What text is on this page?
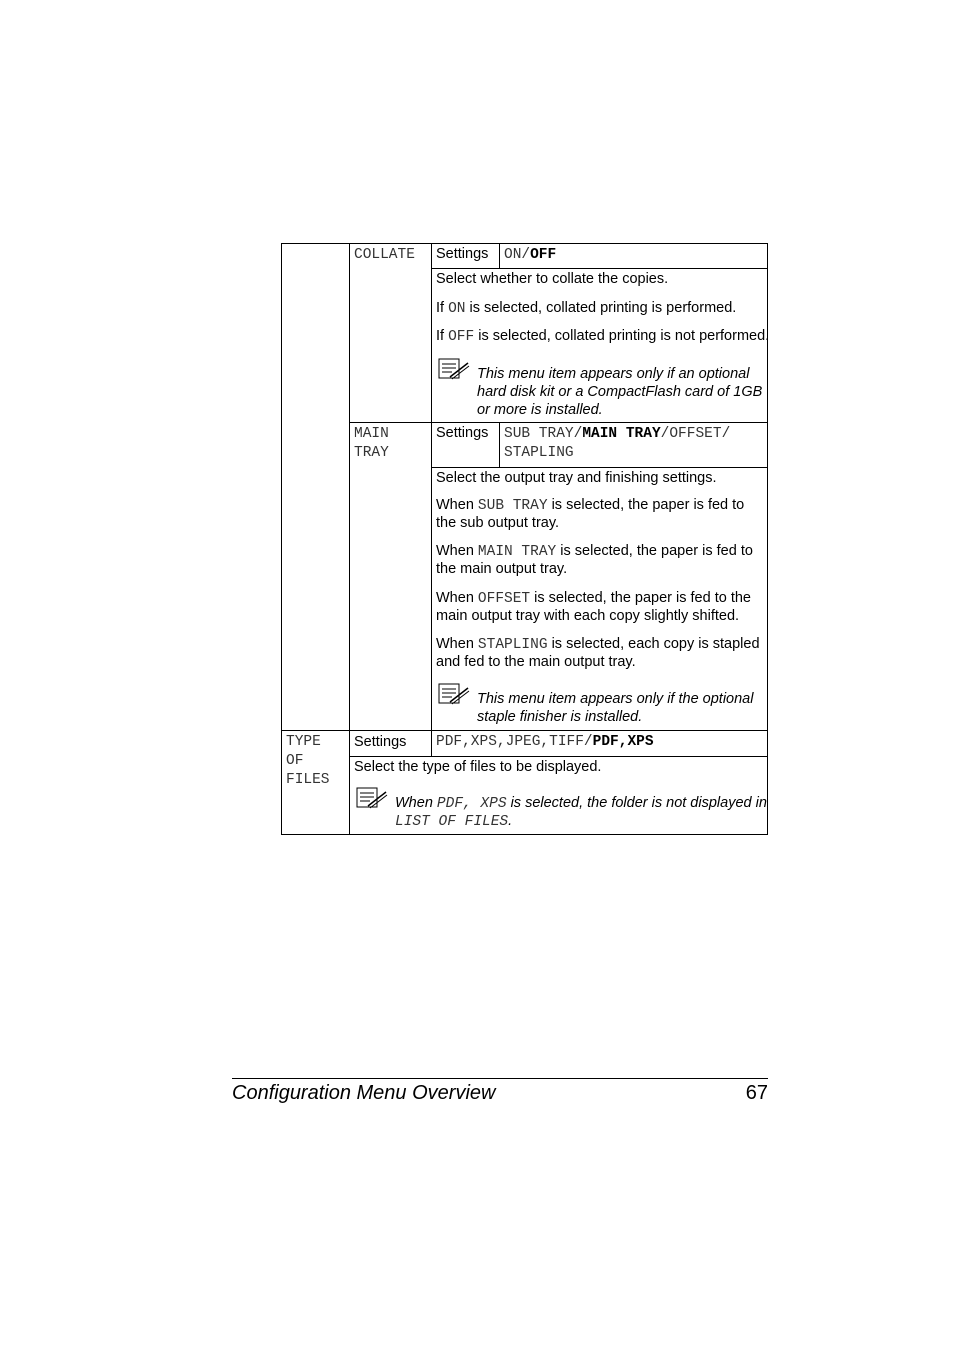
COLLATE Settings ON/OFF
Select whether to collate the copies.
If ON is selected, collated printing is performed.
If OFF is selected, collated printing is not performed.
This menu item appears only if an optional
hard disk kit or a CompactFlash card of 1GB
or more is installed.
MAIN
TRAY
Settings SUB TRAY/MAIN TRAY/OFFSET/
STAPLING
Select the output tray and finishing settings.
When SUB TRAY is selected, the paper is fed to
the sub output tray.
When MAIN TRAY is selected, the paper is fed to
the main output tray.
When OFFSET is selected, the paper is fed to the
main output tray with each copy slightly shifted.
When STAPLING is selected, each copy is stapled
and fed to the main output tray.
This menu item appears only if the optional
staple finisher is installed.
TYPE
OF
FILES
Settings PDF,XPS,JPEG,TIFF/PDF,XPS
Select the type of files to be displayed.
When PDF, XPS is selected, the folder is not displayed in
LIST OF FILES.
Configuration Menu Overview	67
